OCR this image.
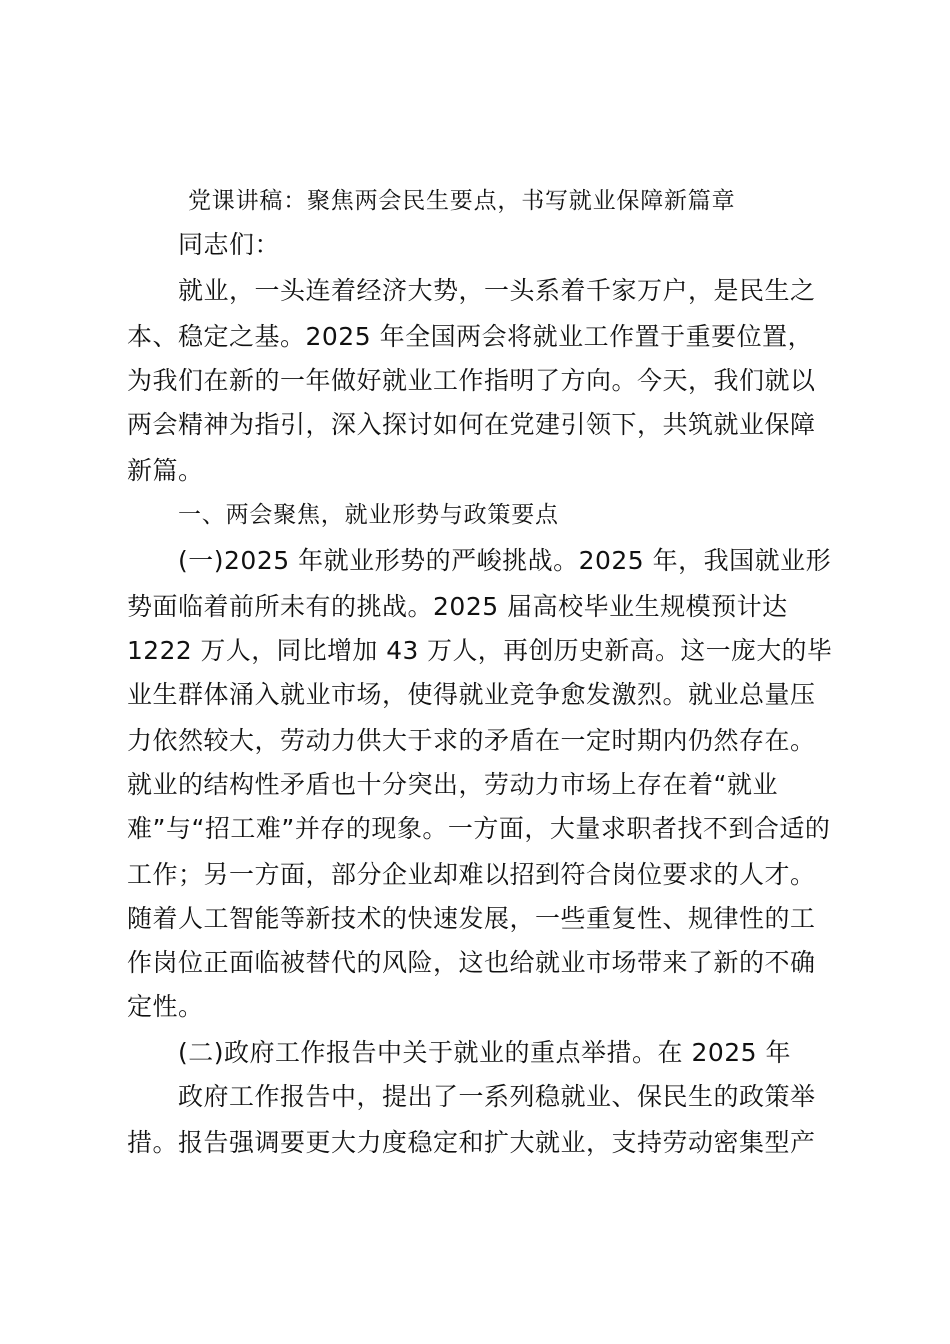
党课讲稿：聚焦两会民生要点，书写就业保障新篇章
同志们：
就业，一头连着经济大势，一头系着千家万户，是民生之
本、稳定之基。2025 年全国两会将就业工作置于重要位置，
为我们在新的一年做好就业工作指明了方向。今天，我们就以
两会精神为指引，深入探讨如何在党建引领下，共筑就业保障
新篇。
一、两会聚焦，就业形势与政策要点
(一)2025 年就业形势的严峻挑战。2025 年，我国就业形
势面临着前所未有的挑战。2025 届高校毕业生规模预计达
1222 万人，同比增加 43 万人，再创历史新高。这一庞大的毕
业生群体涌入就业市场，使得就业竞争愈发激烈。就业总量压
力依然较大，劳动力供大于求的矛盾在一定时期内仍然存在。
就业的结构性矛盾也十分突出，劳动力市场上存在着“就业
难”与“招工难”并存的现象。一方面，大量求职者找不到合适的
工作；另一方面，部分企业却难以招到符合岗位要求的人才。
随着人工智能等新技术的快速发展，一些重复性、规律性的工
作岗位正面临被替代的风险，这也给就业市场带来了新的不确
定性。
(二)政府工作报告中关于就业的重点举措。在 2025 年
政府工作报告中，提出了一系列稳就业、保民生的政策举
措。报告强调要更大力度稳定和扩大就业，支持劳动密集型产
